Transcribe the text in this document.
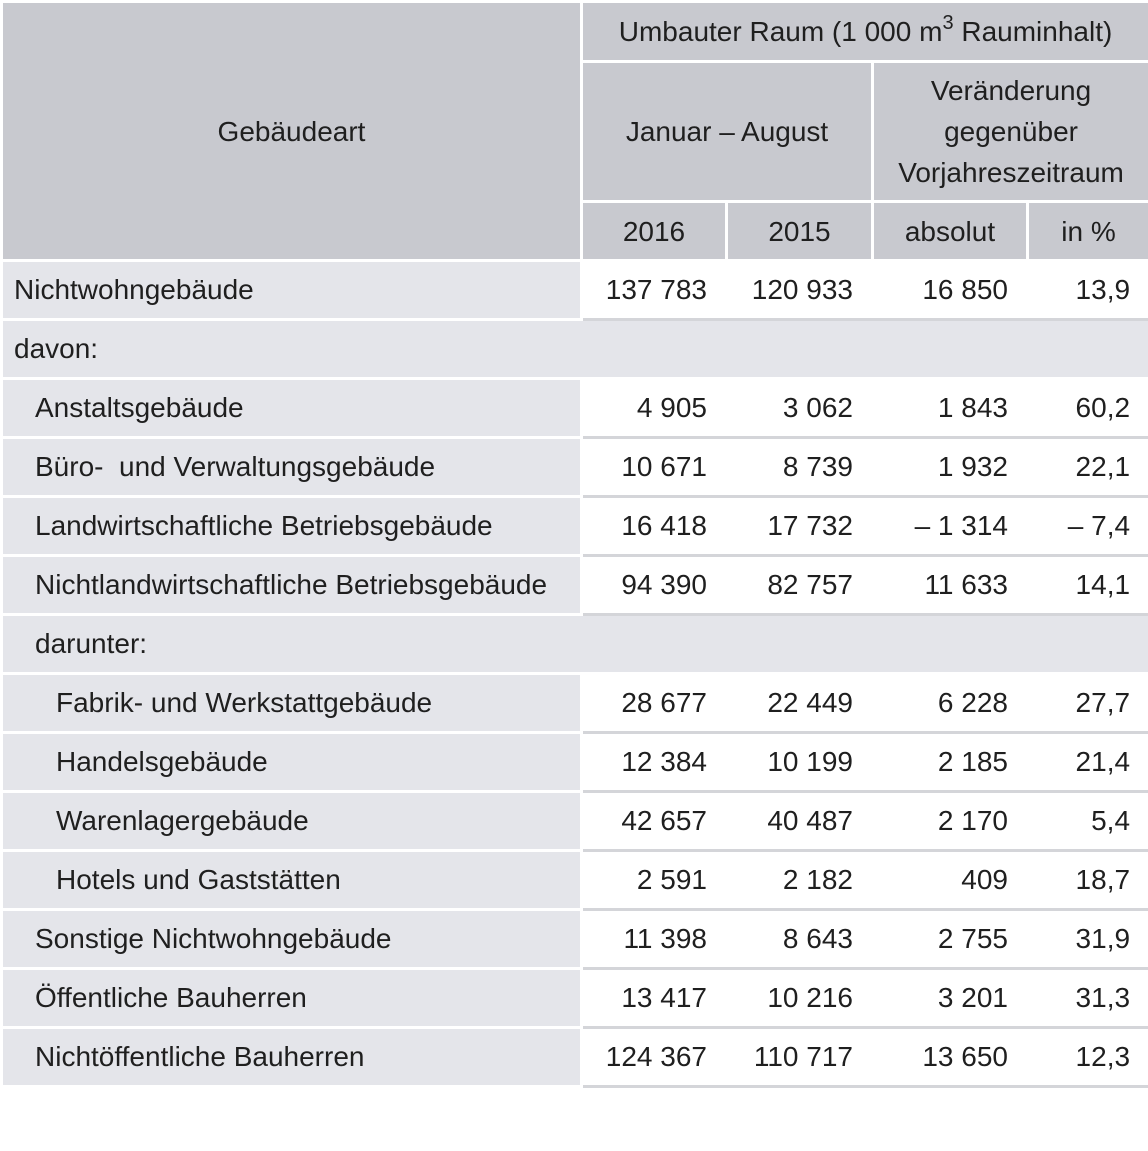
Gebäudeart	Umbauter Raum (1 000 $m^3$ Rauminhalt)			
	Januar – August		Veränderung
gegenüber
Vorjahreszeitraum	

	2016	2015	absolut	in %
Nichtwohngebäude	137 783	120 933	16 850	13,9
davon:				
Anstaltsgebäude	4 905	3 062	1 843	60,2
Büro-  und Verwaltungsgebäude	10 671	8 739	1 932	22,1
Landwirtschaftliche Betriebsgebäude	16 418	17 732	– 1 314	– 7,4
Nichtlandwirtschaftliche Betriebsgebäude	94 390	82 757	11 633	14,1
darunter:				
Fabrik- und Werkstattgebäude	28 677	22 449	6 228	27,7
Handelsgebäude	12 384	10 199	2 185	21,4
Warenlagergebäude	42 657	40 487	2 170	5,4
Hotels und Gaststätten	2 591	2 182	409	18,7
Sonstige Nichtwohngebäude	11 398	8 643	2 755	31,9
Öffentliche Bauherren	13 417	10 216	3 201	31,3
Nichtöffentliche Bauherren	124 367	110 717	13 650	12,3
